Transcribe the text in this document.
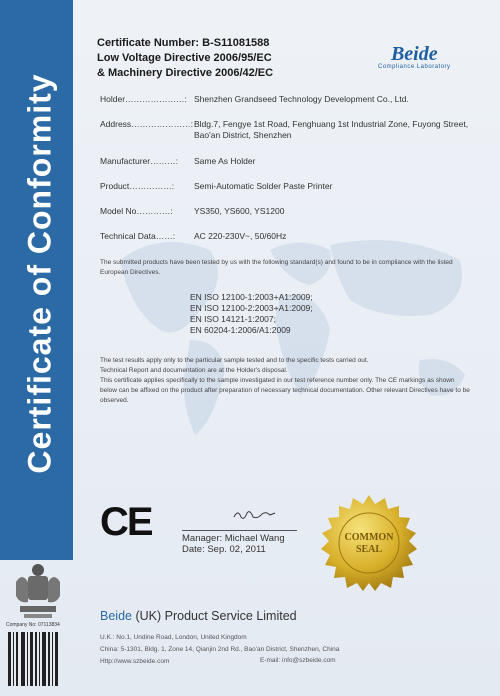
Certificate of Conformity
Company No: 07113834
Certificate Number: B-S11081588
Low Voltage Directive 2006/95/EC
& Machinery Directive 2006/42/EC
Beide
Compliance Laboratory
Holder…………………: Shenzhen Grandseed Technology Development Co., Ltd.
Address…………………: Bldg.7, Fengye 1st Road, Fenghuang 1st Industrial Zone, Fuyong Street, Bao'an District, Shenzhen
Manufacturer………: Same As Holder
Product……………: Semi-Automatic Solder Paste Printer
Model No…………:	YS350, YS600, YS1200
Technical Data……: AC 220-230V~, 50/60Hz
The submitted products have been tested by us with the following standard(s) and found to be in compliance with the listed European Directives.
EN ISO 12100-1:2003+A1:2009;
EN ISO 12100-2:2003+A1:2009;
EN ISO 14121-1:2007;
EN 60204-1:2006/A1:2009
The test results apply only to the particular sample tested and to the specific tests carried out.
Technical Report and documentation are at the Holder's disposal.
This certificate applies specifically to the sample investigated in our test reference number only. The CE markings as shown below can be affixed on the product after preparation of necessary technical documentation. Other relevant Directives have to be observed.
CE	Manager: Michael Wang
Date: Sep. 02, 2011
COMMON
SEAL
Beide (UK) Product Service Limited
U.K.: No.1, Undine Road, London, United Kingdom
China: 5-1301, Bldg. 1, Zone 14, Qianjin 2nd Rd., Bao'an District, Shenzhen, China
Http://www.szbeide.com	E-mail: info@szbeide.com
